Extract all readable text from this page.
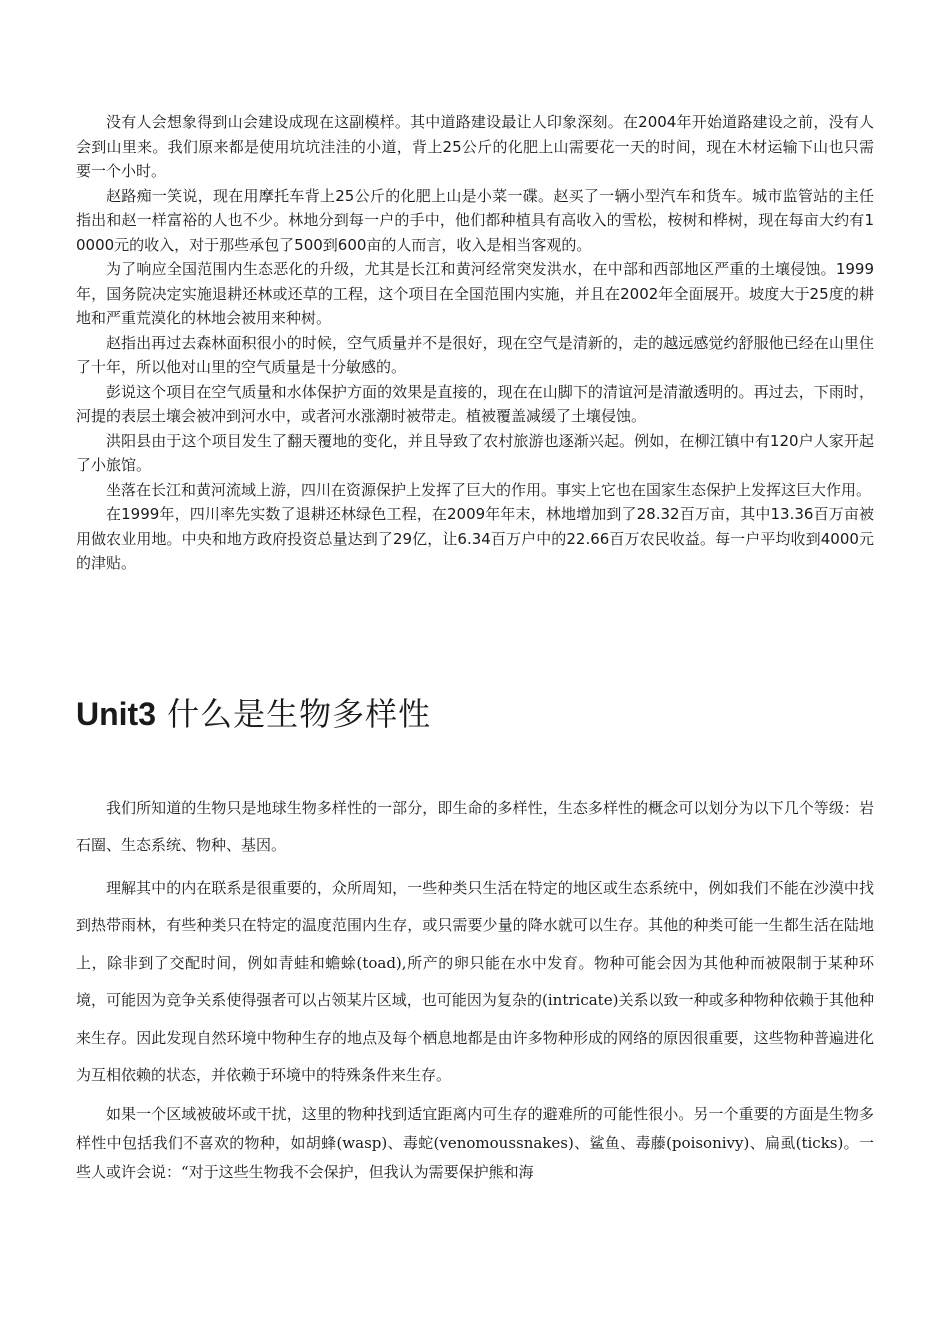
没有人会想象得到山会建设成现在这副模样。其中道路建设最让人印象深刻。在2004年开始道路建设之前，没有人会到山里来。我们原来都是使用坑坑洼洼的小道，背上25公斤的化肥上山需要花一天的时间，现在木材运输下山也只需要一个小时。

赵路痴一笑说，现在用摩托车背上25公斤的化肥上山是小菜一碟。赵买了一辆小型汽车和货车。城市监管站的主任指出和赵一样富裕的人也不少。林地分到每一户的手中，他们都种植具有高收入的雪松，桉树和桦树，现在每亩大约有10000元的收入，对于那些承包了500到600亩的人而言，收入是相当客观的。

为了响应全国范围内生态恶化的升级，尤其是长江和黄河经常突发洪水，在中部和西部地区严重的土壤侵蚀。1999年，国务院决定实施退耕还林或还草的工程，这个项目在全国范围内实施，并且在2002年全面展开。坡度大于25度的耕地和严重荒漠化的林地会被用来种树。

赵指出再过去森林面积很小的时候，空气质量并不是很好，现在空气是清新的，走的越远感觉约舒服他已经在山里住了十年，所以他对山里的空气质量是十分敏感的。

彭说这个项目在空气质量和水体保护方面的效果是直接的，现在在山脚下的清谊河是清澈透明的。再过去，下雨时，河提的表层土壤会被冲到河水中，或者河水涨潮时被带走。植被覆盖减缓了土壤侵蚀。

洪阳县由于这个项目发生了翻天覆地的变化，并且导致了农村旅游也逐渐兴起。例如，在柳江镇中有120户人家开起了小旅馆。

坐落在长江和黄河流域上游，四川在资源保护上发挥了巨大的作用。事实上它也在国家生态保护上发挥这巨大作用。

在1999年，四川率先实数了退耕还林绿色工程，在2009年年末，林地增加到了28.32百万亩，其中13.36百万亩被用做农业用地。中央和地方政府投资总量达到了29亿，让6.34百万户中的22.66百万农民收益。每一户平均收到4000元的津贴。

Unit3 什么是生物多样性

我们所知道的生物只是地球生物多样性的一部分，即生命的多样性，生态多样性的概念可以划分为以下几个等级：岩石圈、生态系统、物种、基因。

理解其中的内在联系是很重要的，众所周知，一些种类只生活在特定的地区或生态系统中，例如我们不能在沙漠中找到热带雨林，有些种类只在特定的温度范围内生存，或只需要少量的降水就可以生存。其他的种类可能一生都生活在陆地上，除非到了交配时间，例如青蛙和蟾蜍(toad),所产的卵只能在水中发育。物种可能会因为其他种而被限制于某种环境，可能因为竞争关系使得强者可以占领某片区域，也可能因为复杂的(intricate)关系以致一种或多种物种依赖于其他种来生存。因此发现自然环境中物种生存的地点及每个栖息地都是由许多物种形成的网络的原因很重要，这些物种普遍进化为互相依赖的状态，并依赖于环境中的特殊条件来生存。

如果一个区域被破坏或干扰，这里的物种找到适宜距离内可生存的避难所的可能性很小。另一个重要的方面是生物多样性中包括我们不喜欢的物种，如胡蜂(wasp)、毒蛇(venomoussnakes)、鲨鱼、毒藤(poisonivy)、扁虱(ticks)。一些人或许会说：“对于这些生物我不会保护，但我认为需要保护熊和海
